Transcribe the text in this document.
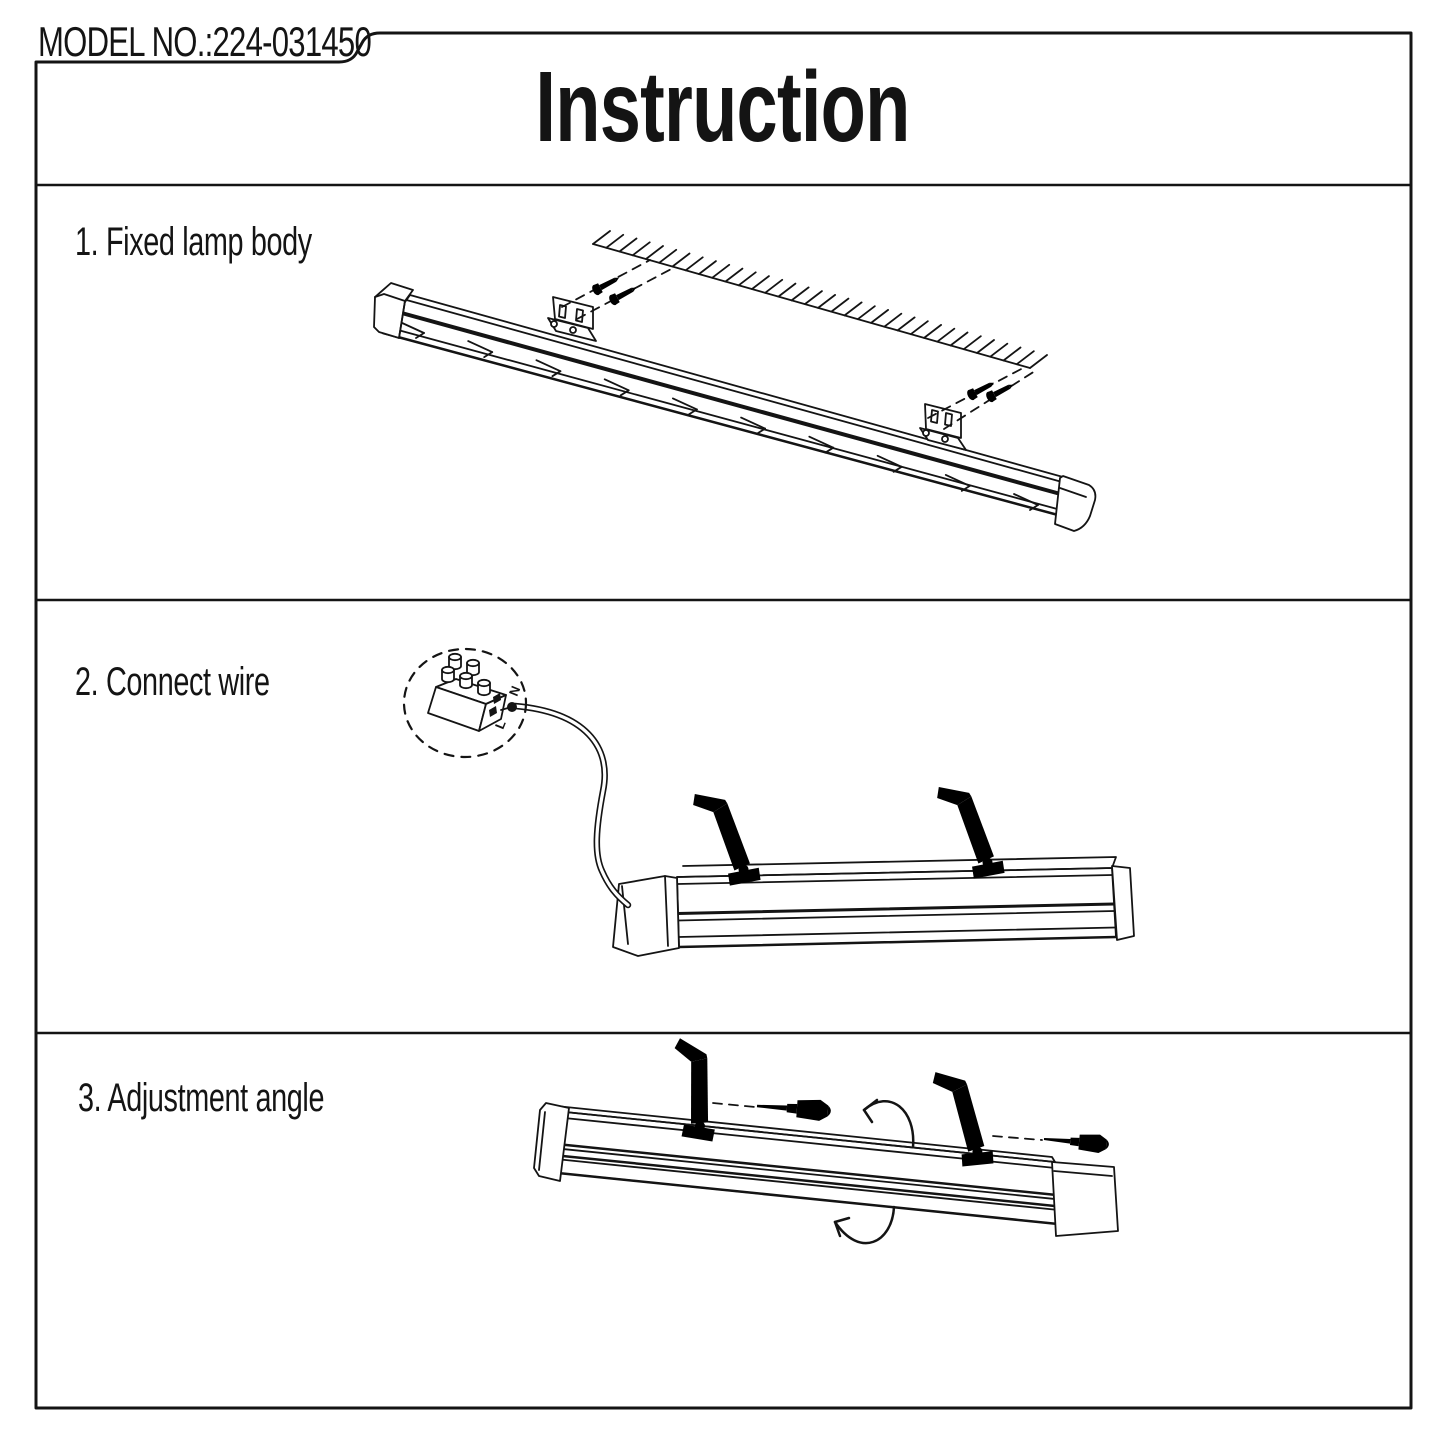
MODEL NO.:224-031450
Instruction
1. Fixed lamp body
2. Connect wire
3. Adjustment angle
N
L
